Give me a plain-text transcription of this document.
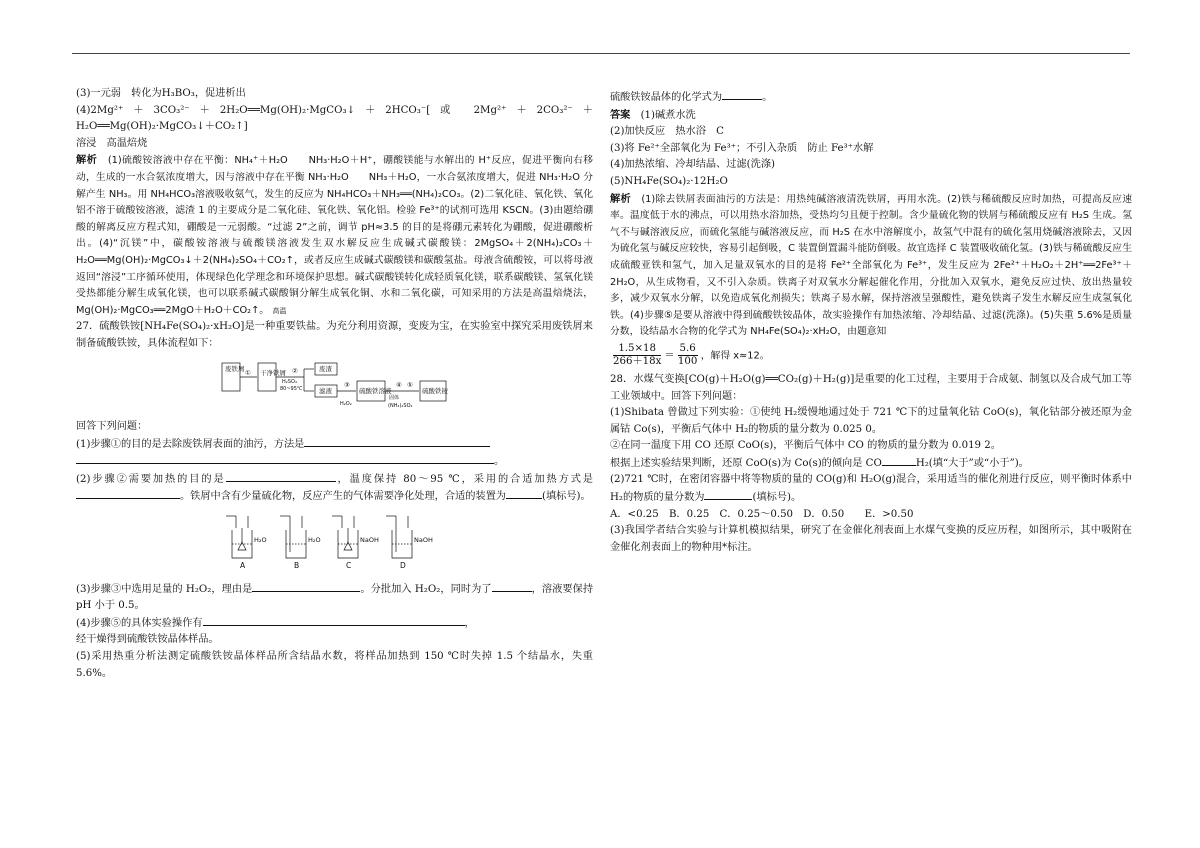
(3)一元弱　转化为H₃BO₃，促进析出

(4)2Mg²⁺＋3CO₃²⁻＋2H₂O══Mg(OH)₂·MgCO₃↓＋2HCO₃⁻[或 2Mg²⁺＋2CO₃²⁻＋H₂O══Mg(OH)₂·MgCO₃↓＋CO₂↑]

溶浸　高温焙烧

解析　 (1)硫酸铵溶液中存在平衡：NH₄⁺＋H₂O　　NH₃·H₂O＋H⁺，硼酸镁能与水解出的 H⁺反应，促进平衡向右移动，生成的一水合氨浓度增大，因与溶液中存在平衡 NH₃·H₂O　　NH₃＋H₂O，一水合氨浓度增大，促进 NH₃·H₂O 分解产生 NH₃。用 NH₄HCO₃溶液吸收氨气，发生的反应为 NH₄HCO₃＋NH₃══(NH₄)₂CO₃。(2)二氧化硅、氧化铁、氧化铝不溶于硫酸铵溶液，滤渣 1 的主要成分是二氧化硅、氧化铁、氧化铝。检验 Fe³⁺的试剂可选用 KSCN。(3)由题给硼酸的解离反应方程式知，硼酸是一元弱酸。“过滤 2”之前，调节 pH≈3.5 的目的是将硼元素转化为硼酸，促进硼酸析出。(4)“沉镁”中，碳酸铵溶液与硫酸镁溶液发生双水解反应生成碱式碳酸镁：2MgSO₄＋2(NH₄)₂CO₃＋H₂O══Mg(OH)₂·MgCO₃↓＋2(NH₄)₂SO₄＋CO₂↑，或者反应生成碱式碳酸镁和碳酸氢盐。母液含硫酸铵，可以将母液返回“溶浸”工序循环使用，体现绿色化学理念和环境保护思想。碱式碳酸镁转化成轻质氧化镁，联系碳酸镁、氢氧化镁受热都能分解生成氧化镁，也可以联系碱式碳酸铜分解生成氧化铜、水和二氧化碳，可知采用的方法是高温焙烧法，Mg(OH)₂·MgCO₃══2MgO＋H₂O＋CO₂↑。 高温

27．硫酸铁铵[NH₄Fe(SO₄)₂·xH₂O]是一种重要铁盐。为充分利用资源，变废为宝，在实验室中探究采用废铁屑来制备硫酸铁铵，具体流程如下：

废铁屑 干净铁屑	废渣
滤液	硫酸铁溶液	硫酸铁铵
①	②
H₂SO₄
80~95℃	③
H₂O₂
④ ⑤
固体
(NH₄)₂SO₄

回答下列问题：

(1)步骤①的目的是去除废铁屑表面的油污，方法是

。

(2)步骤②需要加热的目的是	，温度保持 80～95 ℃，采用的合适加热方式是。铁屑中含有少量硫化物，反应产生的气体需要净化处理，合适的装置为	(填标号)。

H₂O	H₂O	NaOH	NaOH
A	B	C	D

(3)步骤③中选用足量的 H₂O₂，理由是	。分批加入 H₂O₂，同时为了	，溶液要保持 pH 小于 0.5。

(4)步骤⑤的具体实验操作有	，

经干燥得到硫酸铁铵晶体样品。

(5)采用热重分析法测定硫酸铁铵晶体样品所含结晶水数，将样品加热到 150 ℃时失掉 1.5 个结晶水，失重 5.6%。

硫酸铁铵晶体的化学式为	。

答案　 (1)碱煮水洗

(2)加快反应　热水浴　C

(3)将 Fe²⁺全部氧化为 Fe³⁺；不引入杂质　防止 Fe³⁺水解

(4)加热浓缩、冷却结晶、过滤(洗涤)

(5)NH₄Fe(SO₄)₂·12H₂O

解析　 (1)除去铁屑表面油污的方法是：用热纯碱溶液清洗铁屑，再用水洗。(2)铁与稀硫酸反应时加热，可提高反应速率。温度低于水的沸点，可以用热水浴加热，受热均匀且便于控制。含少量硫化物的铁屑与稀硫酸反应有 H₂S 生成。氢气不与碱溶液反应，而硫化氢能与碱溶液反应，而 H₂S 在水中溶解度小，故氢气中混有的硫化氢用烧碱溶液除去，又因为硫化氢与碱反应较快，容易引起倒吸，C 装置倒置漏斗能防倒吸。故宜选择 C 装置吸收硫化氢。(3)铁与稀硫酸反应生成硫酸亚铁和氢气，加入足量双氧水的目的是将 Fe²⁺全部氧化为 Fe³⁺，发生反应为 2Fe²⁺＋H₂O₂＋2H⁺══2Fe³⁺＋2H₂O，从生成物看，又不引入杂质。铁离子对双氧水分解起催化作用，分批加入双氧水，避免反应过快、放出热量较多，减少双氧水分解，以免造成氧化剂损失；铁离子易水解，保持溶液呈强酸性，避免铁离子发生水解反应生成氢氧化铁。(4)步骤⑤是要从溶液中得到硫酸铁铵晶体，故实验操作有加热浓缩、冷却结晶、过滤(洗涤)。(5)失重 5.6%是质量分数，设结晶水合物的化学式为 NH₄Fe(SO₄)₂·xH₂O，由题意知

$\frac{1.5\times 18}{266+18x} = \frac{5.6}{100}$ ，解得 x≈12。

28．水煤气变换[CO(g)＋H₂O(g)══CO₂(g)＋H₂(g)]是重要的化工过程，主要用于合成氨、制氢以及合成气加工等工业领域中。回答下列问题：

(1)Shibata 曾做过下列实验：①使纯 H₂缓慢地通过处于 721 ℃下的过量氧化钴 CoO(s)，氧化钴部分被还原为金属钴 Co(s)，平衡后气体中 H₂的物质的量分数为 0.025 0。

②在同一温度下用 CO 还原 CoO(s)，平衡后气体中 CO 的物质的量分数为 0.019 2。

根据上述实验结果判断，还原 CoO(s)为 Co(s)的倾向是 CO	H₂(填“大于”或“小于”)。

(2)721 ℃时，在密闭容器中将等物质的量的 CO(g)和 H₂O(g)混合，采用适当的催化剂进行反应，则平衡时体系中 H₂的物质的量分数为	(填标号)。

A．<0.25　B．0.25　C．0.25～0.50　D．0.50　　E．>0.50

(3)我国学者结合实验与计算机模拟结果，研究了在金催化剂表面上水煤气变换的反应历程，如图所示，其中吸附在金催化剂表面上的物种用*标注。
